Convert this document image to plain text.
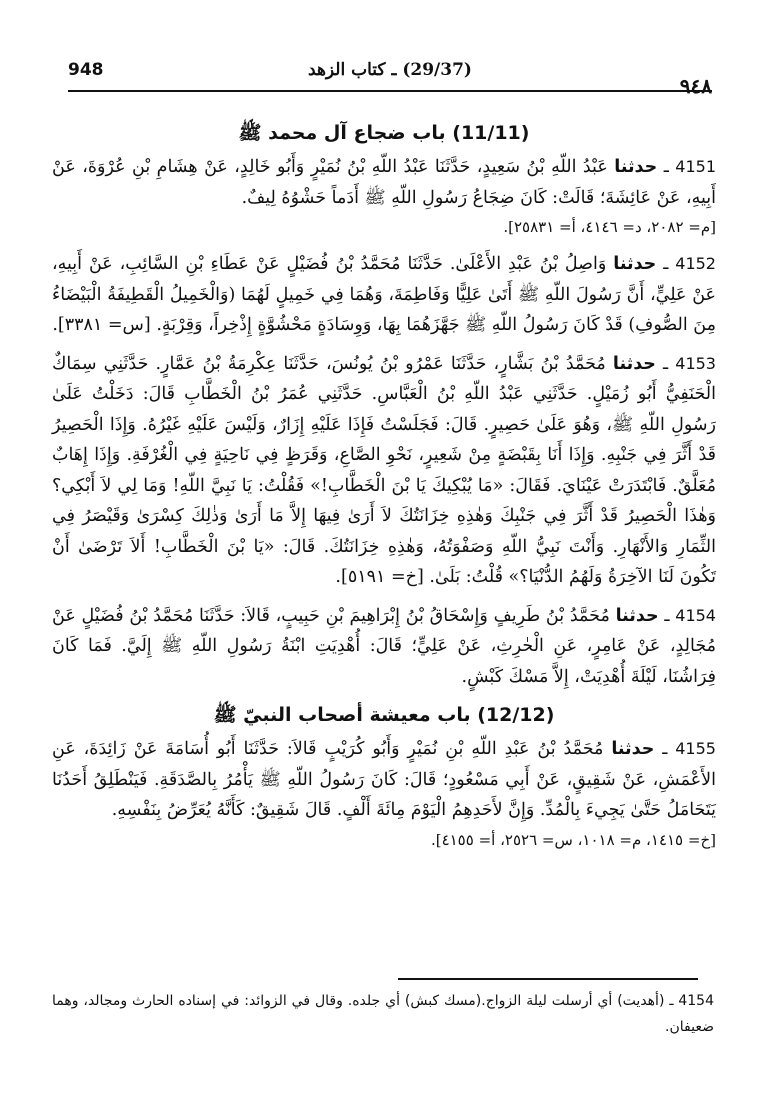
948	(29/37) ـ كتاب الزهد
٩٤٨
(11/11) باب ضجاع آل محمد ﷺ

4151 ـ حدثنا عَبْدُ اللّهِ بْنُ سَعِيدٍ، حَدَّثَنَا عَبْدُ اللّهِ بْنُ نُمَيْرٍ وَأَبُو خَالِدٍ، عَنْ هِشَامِ بْنِ عُرْوَةَ، عَنْ أَبِيهِ، عَنْ عَائِشَةَ؛ قَالَتْ: كَانَ ضِجَاعُ رَسُولِ اللّهِ ﷺ أَدَماً حَشْوُهُ لِيفٌ.
[م= ٢٠٨٢، د= ٤١٤٦، أ= ٢٥٨٣١].

4152 ـ حدثنا وَاصِلُ بْنُ عَبْدِ الأَعْلَىٰ. حَدَّثَنَا مُحَمَّدُ بْنُ فُضَيْلٍ عَنْ عَطَاءِ بْنِ السَّائِبِ، عَنْ أَبِيهِ، عَنْ عَلِيٍّ، أَنَّ رَسُولَ اللّهِ ﷺ أَتَىٰ عَلِيًّا وَفَاطِمَةَ، وَهُمَا فِي خَمِيلٍ لَهُمَا (وَالْخَمِيلُ الْقَطِيفَةُ الْبَيْضَاءُ مِنَ الصُّوفِ) قَدْ كَانَ رَسُولُ اللّهِ ﷺ جَهَّزَهُمَا بِهَا، وَوِسَادَةٍ مَحْشُوَّةٍ إِذْخِراً، وَقِرْبَةٍ. [س= ٣٣٨١].

4153 ـ حدثنا مُحَمَّدُ بْنُ بَشَّارٍ، حَدَّثَنَا عَمْرُو بْنُ يُونُسَ، حَدَّثَنَا عِكْرِمَةُ بْنُ عَمَّارٍ. حَدَّثَنِي سِمَاكٌ الْحَنَفِيُّ أَبُو زُمَيْلٍ. حَدَّثَنِي عَبْدُ اللّهِ بْنُ الْعَبَّاسِ. حَدَّثَنِي عُمَرُ بْنُ الْخَطَّابِ قَالَ: دَخَلْتُ عَلَىٰ رَسُولِ اللّهِ ﷺ، وَهُوَ عَلَىٰ حَصِيرٍ. قَالَ: فَجَلَسْتُ فَإِذَا عَلَيْهِ إِزَارٌ، وَلَيْسَ عَلَيْهِ غَيْرُهُ. وَإِذَا الْحَصِيرُ قَدْ أَثَّرَ فِي جَنْبِهِ. وَإِذَا أَنَا بِقَبْضَةٍ مِنْ شَعِيرٍ، نَحْوِ الصَّاعِ، وَقَرَظٍ فِي نَاحِيَةٍ فِي الْغُرْفَةِ. وَإِذَا إِهَابٌ مُعَلَّقٌ. فَابْتَدَرَتْ عَيْنَايَ. فَقَالَ: «مَا يُبْكِيكَ يَا بْنَ الْخَطَّابِ!» فَقُلْتُ: يَا نَبِيَّ اللّهِ! وَمَا لِي لاَ أَبْكِي؟ وَهٰذَا الْحَصِيرُ قَدْ أَثَّرَ فِي جَنْبِكَ وَهٰذِهِ خِزَانَتُكَ لاَ أَرَىٰ فِيهَا إِلاَّ مَا أَرَىٰ وَذٰلِكَ كِسْرَىٰ وَقَيْصَرُ فِي الثِّمَارِ وَالأَنْهَارِ. وَأَنْتَ نَبِيُّ اللّهِ وَصَفْوَتُهُ، وَهٰذِهِ خِزَانَتُكَ. قَالَ: «يَا بْنَ الْخَطَّابِ! أَلاَ تَرْضَىٰ أَنْ تَكُونَ لَنَا الآخِرَةُ وَلَهُمُ الدُّنْيَا؟» قُلْتُ: بَلَىٰ. [خ= ٥١٩١].

4154 ـ حدثنا مُحَمَّدُ بْنُ طَرِيفٍ وَإِسْحَاقُ بْنُ إِبْرَاهِيمَ بْنِ حَبِيبٍ، قَالاَ: حَدَّثَنَا مُحَمَّدُ بْنُ فُضَيْلٍ عَنْ مُجَالِدٍ، عَنْ عَامِرٍ، عَنِ الْحٰرِثِ، عَنْ عَلِيٍّ؛ قَالَ: أُهْدِيَتِ ابْنَةُ رَسُولِ اللّهِ ﷺ إِلَيَّ. فَمَا كَانَ فِرَاشُنَا، لَيْلَةَ أُهْدِيَتْ، إِلاَّ مَسْكَ كَبْشٍ.

(12/12) باب معيشة أصحاب النبيّ ﷺ

4155 ـ حدثنا مُحَمَّدُ بْنُ عَبْدِ اللّهِ بْنِ نُمَيْرٍ وَأَبُو كُرَيْبٍ قَالاَ: حَدَّثَنَا أَبُو أُسَامَةَ عَنْ زَائِدَةَ، عَنِ الأَعْمَشِ، عَنْ شَقِيقٍ، عَنْ أَبِي مَسْعُودٍ؛ قَالَ: كَانَ رَسُولُ اللّهِ ﷺ يَأْمُرُ بِالصَّدَقَةِ. فَيَنْطَلِقُ أَحَدُنَا يَتَحَامَلُ حَتَّىٰ يَجِيءَ بِالْمُدِّ. وَإِنَّ لأَحَدِهِمُ الْيَوْمَ مِائَةَ أَلْفٍ. قَالَ شَقِيقٌ: كَأَنَّهُ يُعَرِّضُ بِنَفْسِهِ.
[خ= ١٤١٥، م= ١٠١٨، س= ٢٥٢٦، أ= ٤١٥٥].

4154 ـ (أهديت) أي أرسلت ليلة الزواج.(مسك كبش) أي جلده. وقال في الزوائد: في إسناده الحارث ومجالد، وهما ضعيفان.
